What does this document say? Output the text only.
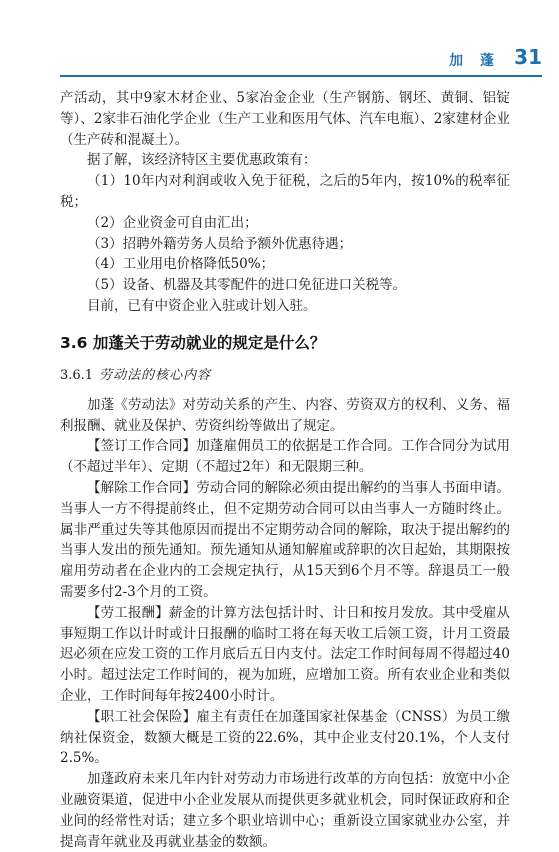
加 蓬 31

产活动，其中9家木材企业、5家冶金企业（生产钢筋、钢坯、黄铜、铝锭等）、2家非石油化学企业（生产工业和医用气体、汽车电瓶）、2家建材企业（生产砖和混凝土）。

据了解，该经济特区主要优惠政策有：

（1）10年内对利润或收入免于征税，之后的5年内，按10%的税率征税；

（2）企业资金可自由汇出；

（3）招聘外籍劳务人员给予额外优惠待遇；

（4）工业用电价格降低50%；

（5）设备、机器及其零配件的进口免征进口关税等。

目前，已有中资企业入驻或计划入驻。

3.6 加蓬关于劳动就业的规定是什么？
3.6.1 劳动法的核心内容

加蓬《劳动法》对劳动关系的产生、内容、劳资双方的权利、义务、福利报酬、就业及保护、劳资纠纷等做出了规定。

【签订工作合同】加蓬雇佣员工的依据是工作合同。工作合同分为试用（不超过半年）、定期（不超过2年）和无限期三种。

【解除工作合同】劳动合同的解除必须由提出解约的当事人书面申请。当事人一方不得提前终止，但不定期劳动合同可以由当事人一方随时终止。属非严重过失等其他原因而提出不定期劳动合同的解除，取决于提出解约的当事人发出的预先通知。预先通知从通知解雇或辞职的次日起始，其期限按雇用劳动者在企业内的工会规定执行，从15天到6个月不等。辞退员工一般需要多付2-3个月的工资。

【劳工报酬】薪金的计算方法包括计时、计日和按月发放。其中受雇从事短期工作以计时或计日报酬的临时工将在每天收工后领工资，计月工资最迟必须在应发工资的工作月底后五日内支付。法定工作时间每周不得超过40小时。超过法定工作时间的，视为加班，应增加工资。所有农业企业和类似企业，工作时间每年按2400小时计。

【职工社会保险】雇主有责任在加蓬国家社保基金（CNSS）为员工缴纳社保资金，数额大概是工资的22.6%，其中企业支付20.1%，个人支付2.5%。

加蓬政府未来几年内针对劳动力市场进行改革的方向包括：放宽中小企业融资渠道，促进中小企业发展从而提供更多就业机会，同时保证政府和企业间的经常性对话；建立多个职业培训中心；重新设立国家就业办公室，并提高青年就业及再就业基金的数额。
